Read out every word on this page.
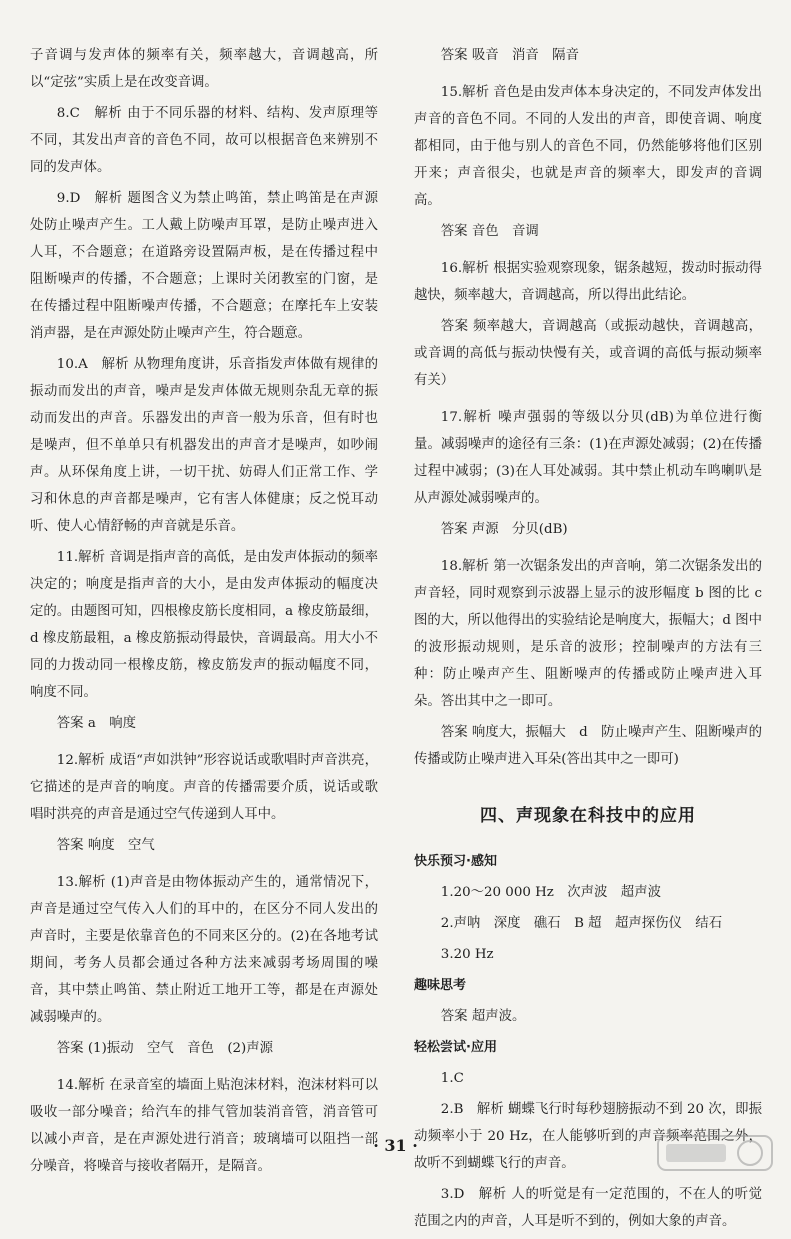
子音调与发声体的频率有关，频率越大，音调越高，所以“定弦”实质上是在改变音调。

8.C　解析 由于不同乐器的材料、结构、发声原理等不同，其发出声音的音色不同，故可以根据音色来辨别不同的发声体。

9.D　解析 题图含义为禁止鸣笛，禁止鸣笛是在声源处防止噪声产生。工人戴上防噪声耳罩，是防止噪声进入人耳，不合题意；在道路旁设置隔声板，是在传播过程中阻断噪声的传播，不合题意；上课时关闭教室的门窗，是在传播过程中阻断噪声传播，不合题意；在摩托车上安装消声器，是在声源处防止噪声产生，符合题意。

10.A　解析 从物理角度讲，乐音指发声体做有规律的振动而发出的声音，噪声是发声体做无规则杂乱无章的振动而发出的声音。乐器发出的声音一般为乐音，但有时也是噪声，但不单单只有机器发出的声音才是噪声，如吵闹声。从环保角度上讲，一切干扰、妨碍人们正常工作、学习和休息的声音都是噪声，它有害人体健康；反之悦耳动听、使人心情舒畅的声音就是乐音。

11.解析 音调是指声音的高低，是由发声体振动的频率决定的；响度是指声音的大小，是由发声体振动的幅度决定的。由题图可知，四根橡皮筋长度相同，a 橡皮筋最细，d 橡皮筋最粗，a 橡皮筋振动得最快，音调最高。用大小不同的力拨动同一根橡皮筋，橡皮筋发声的振动幅度不同，响度不同。

答案 a　响度

12.解析 成语“声如洪钟”形容说话或歌唱时声音洪亮，它描述的是声音的响度。声音的传播需要介质，说话或歌唱时洪亮的声音是通过空气传递到人耳中。

答案 响度　空气

13.解析 (1)声音是由物体振动产生的，通常情况下，声音是通过空气传入人们的耳中的，在区分不同人发出的声音时，主要是依靠音色的不同来区分的。(2)在各地考试期间，考务人员都会通过各种方法来减弱考场周围的噪音，其中禁止鸣笛、禁止附近工地开工等，都是在声源处减弱噪声的。

答案 (1)振动　空气　音色　(2)声源

14.解析 在录音室的墙面上贴泡沫材料，泡沫材料可以吸收一部分噪音；给汽车的排气管加装消音管，消音管可以减小声音，是在声源处进行消音；玻璃墙可以阻挡一部分噪音，将噪音与接收者隔开，是隔音。

答案 吸音　消音　隔音

15.解析 音色是由发声体本身决定的，不同发声体发出声音的音色不同。不同的人发出的声音，即使音调、响度都相同，由于他与别人的音色不同，仍然能够将他们区别开来；声音很尖，也就是声音的频率大，即发声的音调高。

答案 音色　音调

16.解析 根据实验观察现象，锯条越短，拨动时振动得越快，频率越大，音调越高，所以得出此结论。

答案 频率越大，音调越高（或振动越快，音调越高，或音调的高低与振动快慢有关，或音调的高低与振动频率有关）

17.解析 噪声强弱的等级以分贝(dB)为单位进行衡量。减弱噪声的途径有三条：(1)在声源处减弱；(2)在传播过程中减弱；(3)在人耳处减弱。其中禁止机动车鸣喇叭是从声源处减弱噪声的。

答案 声源　分贝(dB)

18.解析 第一次锯条发出的声音响，第二次锯条发出的声音轻，同时观察到示波器上显示的波形幅度 b 图的比 c 图的大，所以他得出的实验结论是响度大，振幅大；d 图中的波形振动规则，是乐音的波形；控制噪声的方法有三种：防止噪声产生、阻断噪声的传播或防止噪声进入耳朵。答出其中之一即可。

答案 响度大，振幅大　d　防止噪声产生、阻断噪声的传播或防止噪声进入耳朵(答出其中之一即可)

四、声现象在科技中的应用
快乐预习·感知

1.20～20 000 Hz　次声波　超声波

2.声呐　深度　礁石　B 超　超声探伤仪　结石

3.20 Hz

趣味思考

答案 超声波。

轻松尝试·应用

1.C

2.B　解析 蝴蝶飞行时每秒翅膀振动不到 20 次，即振动频率小于 20 Hz，在人能够听到的声音频率范围之外，故听不到蝴蝶飞行的声音。

3.D　解析 人的听觉是有一定范围的，不在人的听觉范围之内的声音，人耳是听不到的，例如大象的声音。

· 31 ·
